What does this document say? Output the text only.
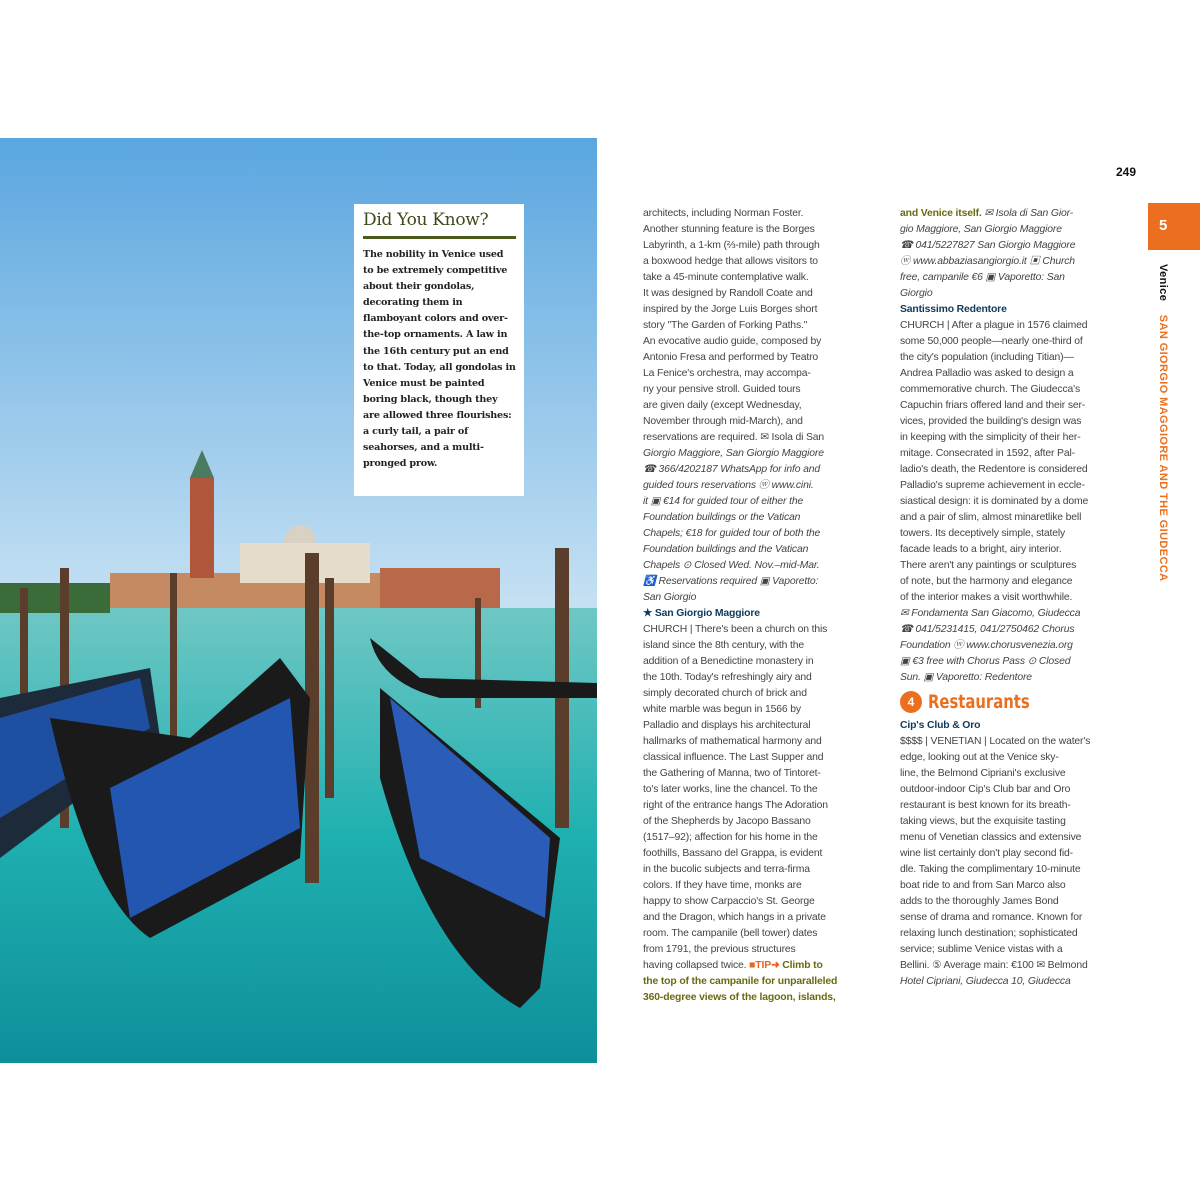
Did You Know?

The nobility in Venice used to be extremely competitive about their gondolas, decorating them in flamboyant colors and over-the-top ornaments. A law in the 16th century put an end to that. Today, all gondolas in Venice must be painted boring black, though they are allowed three flourishes: a curly tail, a pair of seahorses, and a multi-pronged prow.

249
5
Venice SAN GIORGIO MAGGIORE AND THE GIUDECCA
architects, including Norman Foster.
Another stunning feature is the Borges
Labyrinth, a 1-km (⅔-mile) path through
a boxwood hedge that allows visitors to
take a 45-minute contemplative walk.
It was designed by Randoll Coate and
inspired by the Jorge Luis Borges short
story "The Garden of Forking Paths."
An evocative audio guide, composed by
Antonio Fresa and performed by Teatro
La Fenice's orchestra, may accompa-
ny your pensive stroll. Guided tours
are given daily (except Wednesday,
November through mid-March), and
reservations are required. ✉ Isola di San
Giorgio Maggiore, San Giorgio Maggiore
☎ 366/4202187 WhatsApp for info and
guided tours reservations ⓦ www.cini.
it ▣ €14 for guided tour of either the
Foundation buildings or the Vatican
Chapels; €18 for guided tour of both the
Foundation buildings and the Vatican
Chapels ⊙ Closed Wed. Nov.–mid-Mar.
♿ Reservations required ▣ Vaporetto:
San Giorgio
★ San Giorgio Maggiore
CHURCH | There's been a church on this
island since the 8th century, with the
addition of a Benedictine monastery in
the 10th. Today's refreshingly airy and
simply decorated church of brick and
white marble was begun in 1566 by
Palladio and displays his architectural
hallmarks of mathematical harmony and
classical influence. The Last Supper and
the Gathering of Manna, two of Tintoret-
to's later works, line the chancel. To the
right of the entrance hangs The Adoration
of the Shepherds by Jacopo Bassano
(1517–92); affection for his home in the
foothills, Bassano del Grappa, is evident
in the bucolic subjects and terra-firma
colors. If they have time, monks are
happy to show Carpaccio's St. George
and the Dragon, which hangs in a private
room. The campanile (bell tower) dates
from 1791, the previous structures
having collapsed twice. ■TIP➜ Climb to
the top of the campanile for unparalleled
360-degree views of the lagoon, islands,
and Venice itself. ✉ Isola di San Gior-
gio Maggiore, San Giorgio Maggiore
☎ 041/5227827 San Giorgio Maggiore
ⓦ www.abbaziasangiorgio.it ▣ Church
free, campanile €6 ▣ Vaporetto: San
Giorgio
Santissimo Redentore
CHURCH | After a plague in 1576 claimed
some 50,000 people—nearly one-third of
the city's population (including Titian)—
Andrea Palladio was asked to design a
commemorative church. The Giudecca's
Capuchin friars offered land and their ser-
vices, provided the building's design was
in keeping with the simplicity of their her-
mitage. Consecrated in 1592, after Pal-
ladio's death, the Redentore is considered
Palladio's supreme achievement in eccle-
siastical design: it is dominated by a dome
and a pair of slim, almost minaretlike bell
towers. Its deceptively simple, stately
facade leads to a bright, airy interior.
There aren't any paintings or sculptures
of note, but the harmony and elegance
of the interior makes a visit worthwhile.
✉ Fondamenta San Giacomo, Giudecca
☎ 041/5231415, 041/2750462 Chorus
Foundation ⓦ www.chorusvenezia.org
▣ €3 free with Chorus Pass ⊙ Closed
Sun. ▣ Vaporetto: Redentore
Cip's Club & Oro
$$$$ | VENETIAN | Located on the water's
edge, looking out at the Venice sky-
line, the Belmond Cipriani's exclusive
outdoor-indoor Cip's Club bar and Oro
restaurant is best known for its breath-
taking views, but the exquisite tasting
menu of Venetian classics and extensive
wine list certainly don't play second fid-
dle. Taking the complimentary 10-minute
boat ride to and from San Marco also
adds to the thoroughly James Bond
sense of drama and romance. Known for
relaxing lunch destination; sophisticated
service; sublime Venice vistas with a
Bellini. ⑤ Average main: €100 ✉ Belmond
Hotel Cipriani, Giudecca 10, Giudecca
4 Restaurants
